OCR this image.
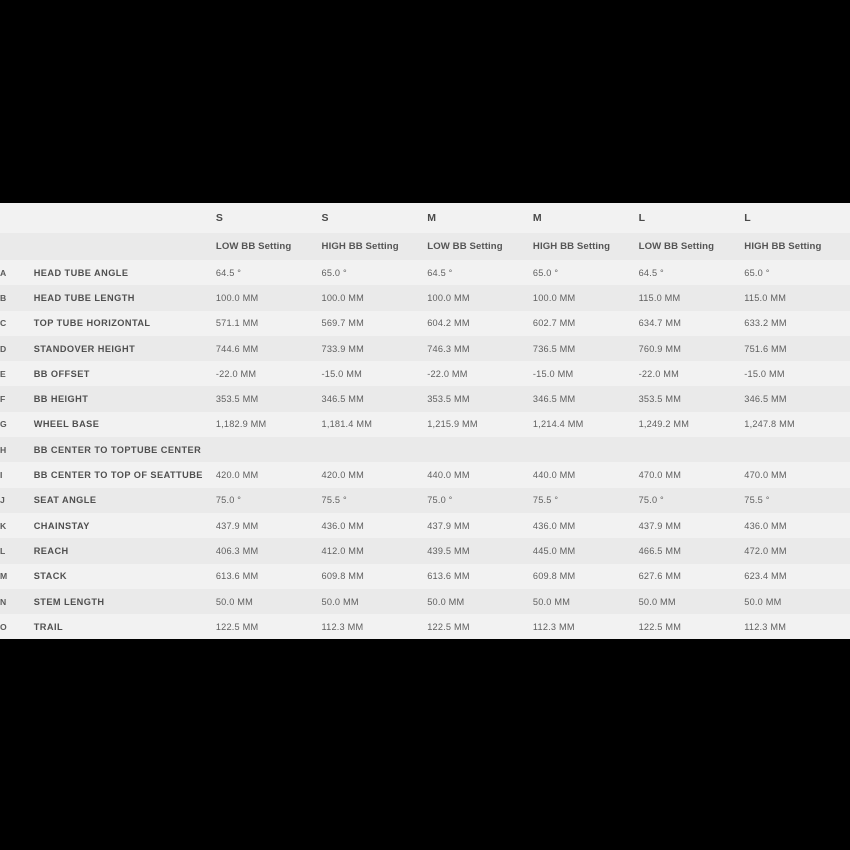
		S	S	M	M	L	L
		LOW BB Setting	HIGH BB Setting	LOW BB Setting	HIGH BB Setting	LOW BB Setting	HIGH BB Setting
A	HEAD TUBE ANGLE	64.5 °	65.0 °	64.5 °	65.0 °	64.5 °	65.0 °
B	HEAD TUBE LENGTH	100.0 MM	100.0 MM	100.0 MM	100.0 MM	115.0 MM	115.0 MM
C	TOP TUBE HORIZONTAL	571.1 MM	569.7 MM	604.2 MM	602.7 MM	634.7 MM	633.2 MM
D	STANDOVER HEIGHT	744.6 MM	733.9 MM	746.3 MM	736.5 MM	760.9 MM	751.6 MM
E	BB OFFSET	-22.0 MM	-15.0 MM	-22.0 MM	-15.0 MM	-22.0 MM	-15.0 MM
F	BB HEIGHT	353.5 MM	346.5 MM	353.5 MM	346.5 MM	353.5 MM	346.5 MM
G	WHEEL BASE	1,182.9 MM	1,181.4 MM	1,215.9 MM	1,214.4 MM	1,249.2 MM	1,247.8 MM
H	BB CENTER TO TOPTUBE CENTER						
I	BB CENTER TO TOP OF SEATTUBE	420.0 MM	420.0 MM	440.0 MM	440.0 MM	470.0 MM	470.0 MM
J	SEAT ANGLE	75.0 °	75.5 °	75.0 °	75.5 °	75.0 °	75.5 °
K	CHAINSTAY	437.9 MM	436.0 MM	437.9 MM	436.0 MM	437.9 MM	436.0 MM
L	REACH	406.3 MM	412.0 MM	439.5 MM	445.0 MM	466.5 MM	472.0 MM
M	STACK	613.6 MM	609.8 MM	613.6 MM	609.8 MM	627.6 MM	623.4 MM
N	STEM LENGTH	50.0 MM	50.0 MM	50.0 MM	50.0 MM	50.0 MM	50.0 MM
O	TRAIL	122.5 MM	112.3 MM	122.5 MM	112.3 MM	122.5 MM	112.3 MM
